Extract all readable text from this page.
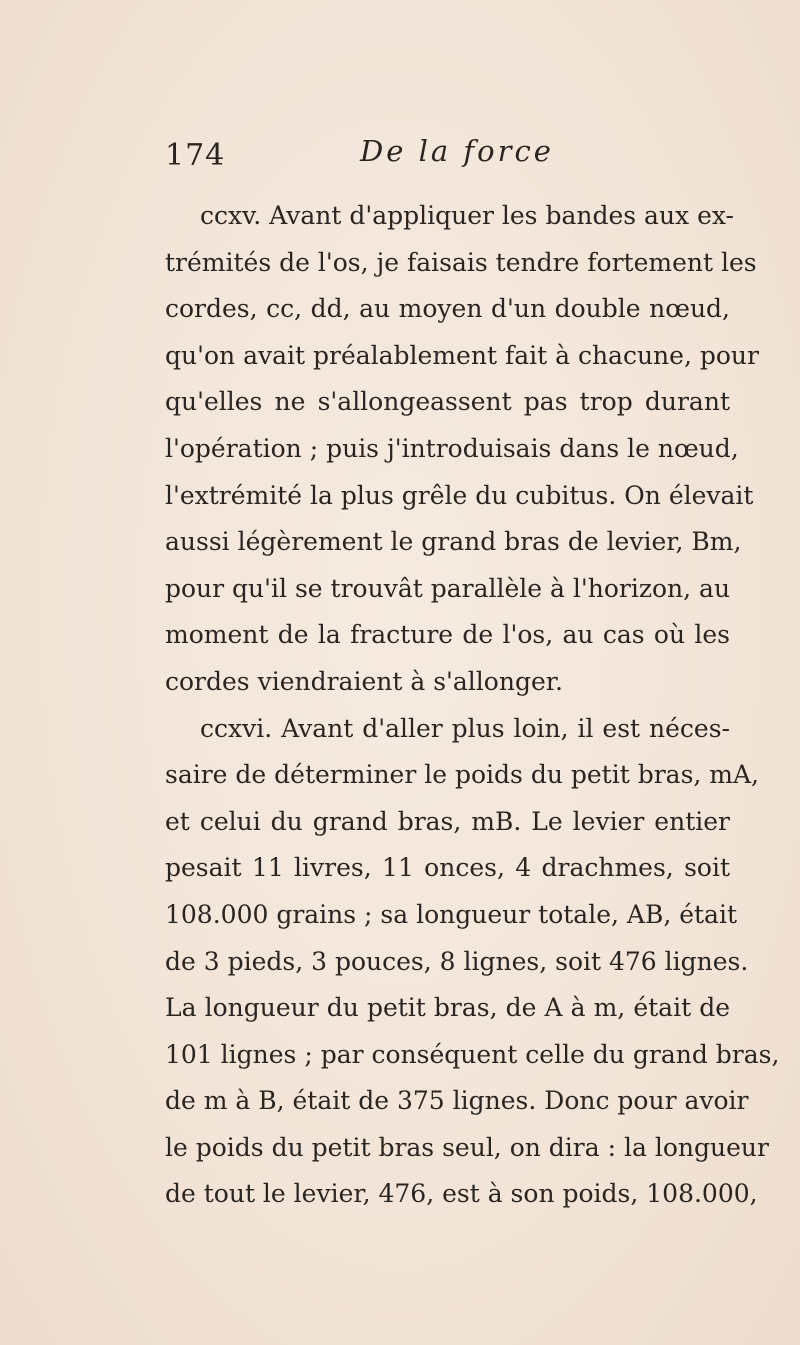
174	De la force
ccxv. Avant d'appliquer les bandes aux ex-
trémités de l'os, je faisais tendre fortement les
cordes, cc, dd, au moyen d'un double nœud,
qu'on avait préalablement fait à chacune, pour
qu'elles ne s'allongeassent pas trop durant
l'opération ; puis j'introduisais dans le nœud,
l'extrémité la plus grêle du cubitus. On élevait
aussi légèrement le grand bras de levier, Bm,
pour qu'il se trouvât parallèle à l'horizon, au
moment de la fracture de l'os, au cas où les
cordes viendraient à s'allonger.
ccxvi. Avant d'aller plus loin, il est néces-
saire de déterminer le poids du petit bras, mA,
et celui du grand bras, mB. Le levier entier
pesait 11 livres, 11 onces, 4 drachmes, soit
108.000 grains ; sa longueur totale, AB, était
de 3 pieds, 3 pouces, 8 lignes, soit 476 lignes.
La longueur du petit bras, de A à m, était de
101 lignes ; par conséquent celle du grand bras,
de m à B, était de 375 lignes. Donc pour avoir
le poids du petit bras seul, on dira : la longueur
de tout le levier, 476, est à son poids, 108.000,
